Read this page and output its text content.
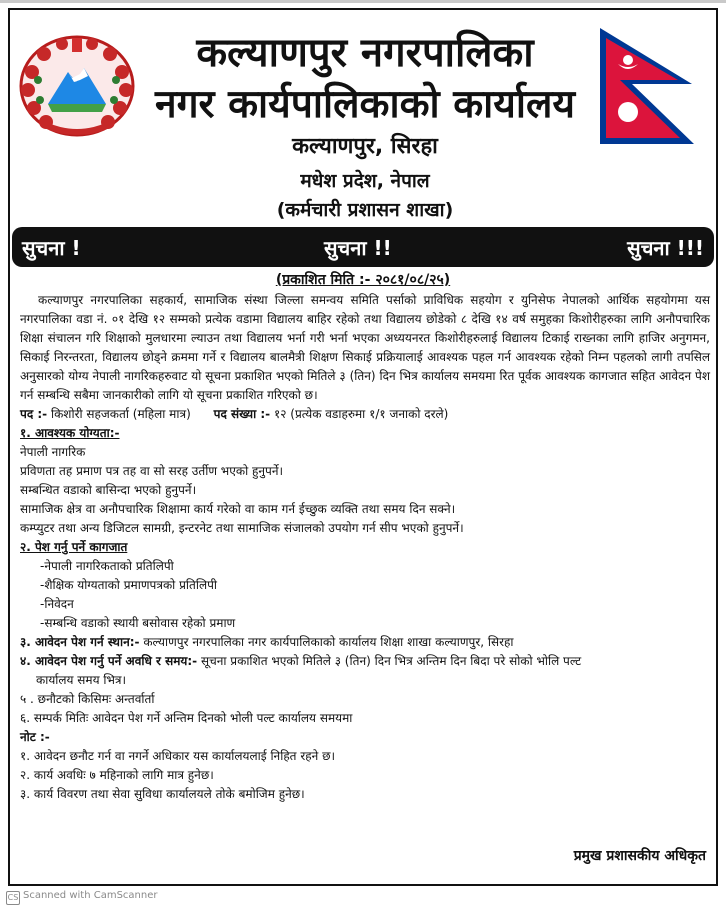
कल्याणपुर नगरपालिका
नगर कार्यपालिकाको कार्यालय
कल्याणपुर, सिरहा
मधेश प्रदेश, नेपाल
(कर्मचारी प्रशासन शाखा)
सुचना !	सुचना !!	सुचना !!!
(प्रकाशित मिति :- २०८१/०८/२५)

कल्याणपुर नगरपालिका सहकार्य, सामाजिक संस्था जिल्ला समन्वय समिति पर्साको प्राविधिक सहयोग र युनिसेफ नेपालको आर्थिक सहयोगमा यस नगरपालिका वडा नं. ०१ देखि १२ सम्मको प्रत्येक वडामा विद्यालय बाहिर रहेको तथा विद्यालय छोडेको ८ देखि १४ वर्ष समुहका किशोरीहरुका लागि अनौपचारिक शिक्षा संचालन गरि शिक्षाको मुलधारमा ल्याउन तथा विद्यालय भर्ना गरी भर्ना भएका अध्ययनरत किशोरीहरुलाई विद्यालय टिकाई राख्नका लागि हाजिर अनुगमन, सिकाई निरन्तरता, विद्यालय छोड्ने क्रममा गर्ने र विद्यालय बालमैत्री शिक्षण सिकाई प्रक्रियालाई आवश्यक पहल गर्न आवश्यक रहेको निम्न पहलको लागी तपसिल अनुसारको योग्य नेपाली नागरिकहरुवाट यो सूचना प्रकाशित भएको मितिले ३ (तिन) दिन भित्र कार्यालय समयमा रित पूर्वक आवश्यक कागजात सहित आवेदन पेश गर्न सम्बन्धि सबैमा जानकारीको लागि यो सूचना प्रकाशित गरिएको छ।

पद :- किशोरी सहजकर्ता (महिला मात्र) पद संख्या :- १२ (प्रत्येक वडाहरुमा १/१ जनाको दरले)

१. आवश्यक योग्यता:-

नेपाली नागरिक

प्रविणता तह प्रमाण पत्र तह वा सो सरह उर्तीण भएको हुनुपर्ने।

सम्बन्धित वडाको बासिन्दा भएको हुनुपर्ने।

सामाजिक क्षेत्र वा अनौपचारिक शिक्षामा कार्य गरेको वा काम गर्न ईच्छुक व्यक्ति तथा समय दिन सक्ने।

कम्प्युटर तथा अन्य डिजिटल सामग्री, इन्टरनेट तथा सामाजिक संजालको उपयोग गर्न सीप भएको हुनुपर्ने।

२. पेश गर्नु पर्ने कागजात

-नेपाली नागरिकताको प्रतिलिपी

-शैक्षिक योग्यताको प्रमाणपत्रको प्रतिलिपी

-निवेदन

-सम्बन्धि वडाको स्थायी बसोवास रहेको प्रमाण

३. आवेदन पेश गर्न स्थान:- कल्याणपुर नगरपालिका नगर कार्यपालिकाको कार्यालय शिक्षा शाखा कल्याणपुर, सिरहा

४. आवेदन पेश गर्नु पर्ने अवधि र समय:- सूचना प्रकाशित भएको मितिले ३ (तिन) दिन भित्र अन्तिम दिन बिदा परे सोको भोलि पल्ट

कार्यालय समय भित्र।

५ . छनौटको किसिमः अन्तर्वार्ता

६. सम्पर्क मितिः आवेदन पेश गर्ने अन्तिम दिनको भोली पल्ट कार्यालय समयमा

नोट :-

१. आवेदन छनौट गर्न वा नगर्ने अधिकार यस कार्यालयलाई निहित रहने छ।

२. कार्य अवधिः ७ महिनाको लागि मात्र हुनेछ।

३. कार्य विवरण तथा सेवा सुविधा कार्यालयले तोके बमोजिम हुनेछ।

प्रमुख प्रशासकीय अधिकृत
CS Scanned with CamScanner
